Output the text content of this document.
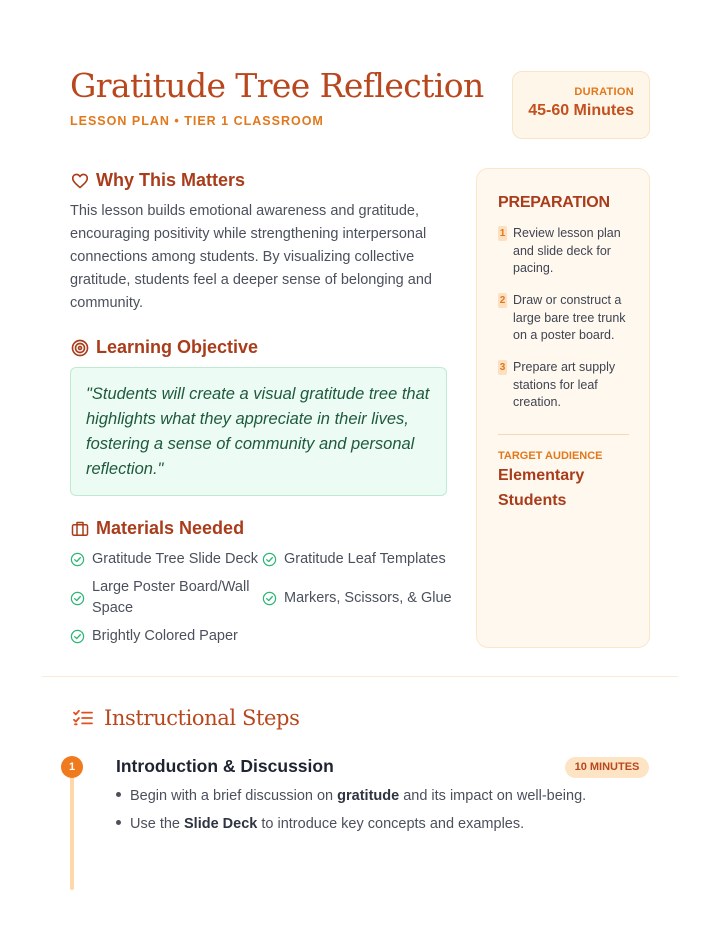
Gratitude Tree Reflection
LESSON PLAN • TIER 1 CLASSROOM
DURATION
45-60 Minutes
Why This Matters
This lesson builds emotional awareness and gratitude, encouraging positivity while strengthening interpersonal connections among students. By visualizing collective gratitude, students feel a deeper sense of belonging and community.
Learning Objective
"Students will create a visual gratitude tree that highlights what they appreciate in their lives, fostering a sense of community and personal reflection."
Materials Needed
Gratitude Tree Slide Deck Gratitude Leaf Templates
Large Poster Board/Wall Space
Markers, Scissors, & Glue
Brightly Colored Paper
PREPARATION
1 Review lesson plan and slide deck for pacing.
2 Draw or construct a large bare tree trunk on a poster board.
3 Prepare art supply stations for leaf creation.
TARGET AUDIENCE
Elementary Students
Instructional Steps
1	Introduction & Discussion	10 MINUTES
Begin with a brief discussion on gratitude and its impact on well-being.
Use the Slide Deck to introduce key concepts and examples.
